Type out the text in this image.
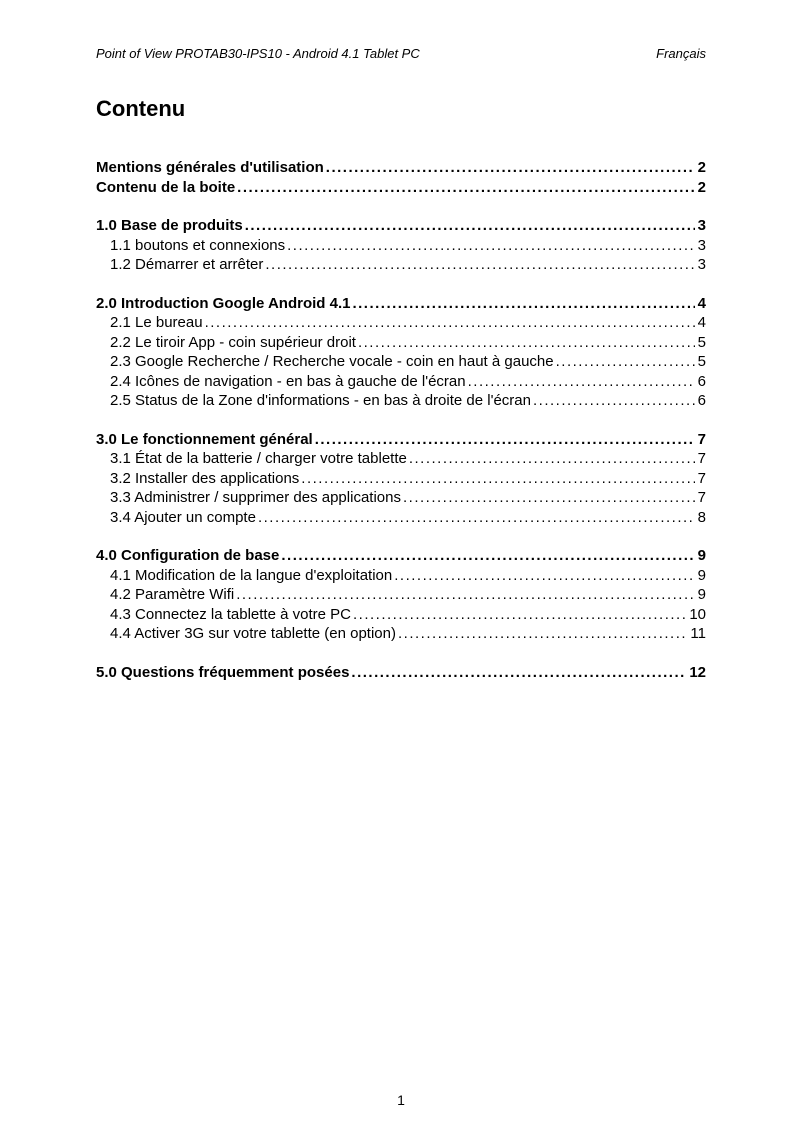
Point of View PROTAB30-IPS10 - Android 4.1 Tablet PC	Français
Contenu
Mentions générales d'utilisation .....	2
Contenu de la boite .....	2
1.0 Base de produits .....	3
1.1 boutons et connexions .....	3
1.2 Démarrer et arrêter .....	3
2.0 Introduction Google Android 4.1 .....	4
2.1 Le bureau .....	4
2.2 Le tiroir App - coin supérieur droit .....	5
2.3 Google Recherche / Recherche vocale - coin en haut à gauche .....	5
2.4 Icônes de navigation - en bas à gauche de l'écran .....	6
2.5 Status de la Zone d'informations - en bas à droite de l'écran .....	6
3.0 Le fonctionnement général .....	7
3.1 État de la batterie / charger votre tablette .....	7
3.2 Installer des applications .....	7
3.3 Administrer / supprimer des applications .....	7
3.4 Ajouter un compte .....	8
4.0 Configuration de base .....	9
4.1 Modification de la langue d'exploitation .....	9
4.2 Paramètre Wifi .....	9
4.3 Connectez la tablette à votre PC .....	10
4.4 Activer 3G sur votre tablette (en option) .....	11
5.0 Questions fréquemment posées .....	12
1
